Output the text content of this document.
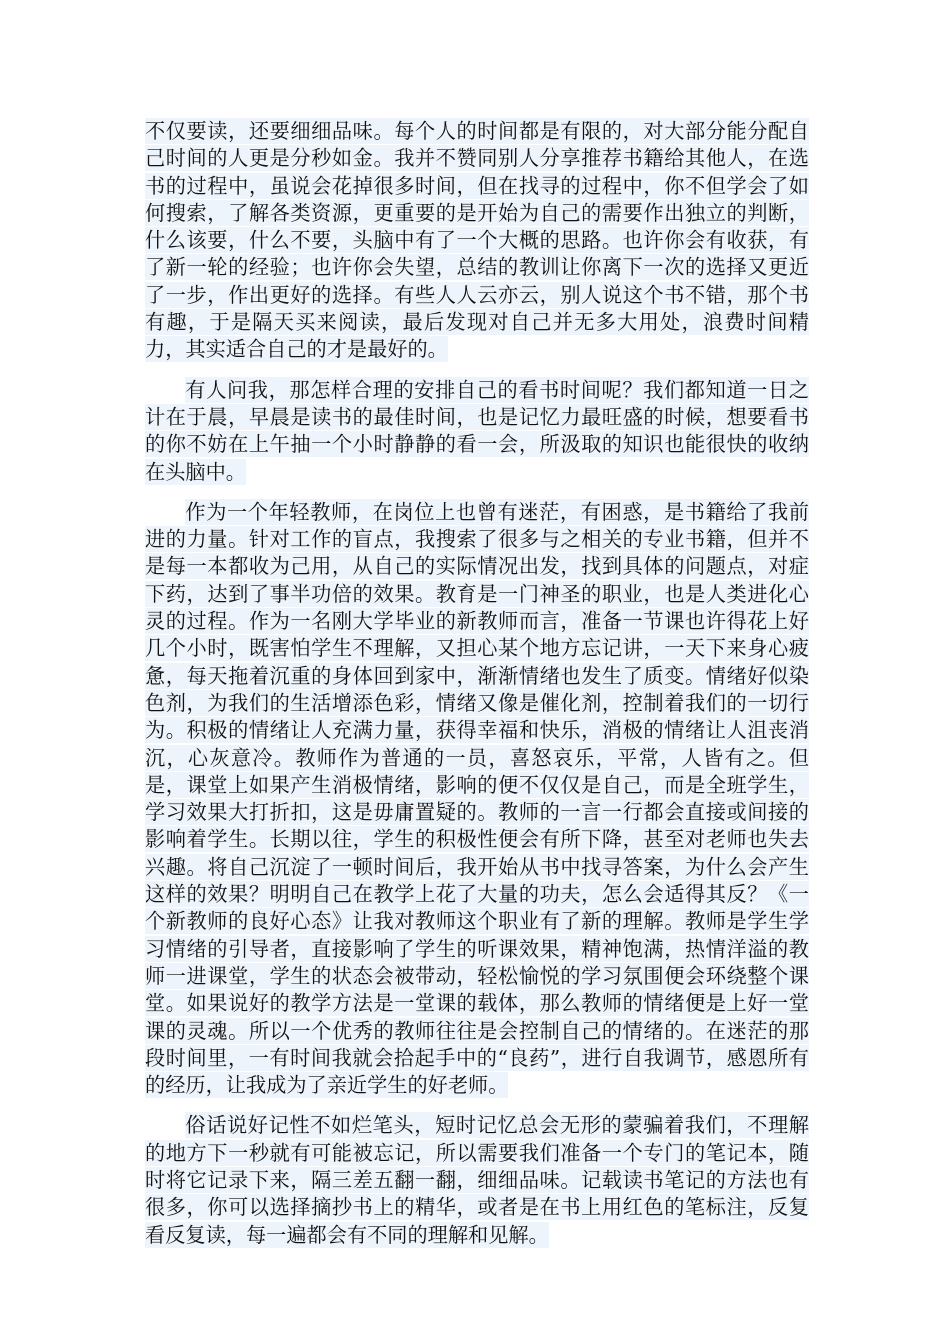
不仅要读，还要细细品味。每个人的时间都是有限的，对大部分能分配自己时间的人更是分秒如金。我并不赞同别人分享推荐书籍给其他人，在选书的过程中，虽说会花掉很多时间，但在找寻的过程中，你不但学会了如何搜索，了解各类资源，更重要的是开始为自己的需要作出独立的判断，什么该要，什么不要，头脑中有了一个大概的思路。也许你会有收获，有了新一轮的经验；也许你会失望，总结的教训让你离下一次的选择又更近了一步，作出更好的选择。有些人人云亦云，别人说这个书不错，那个书有趣，于是隔天买来阅读，最后发现对自己并无多大用处，浪费时间精力，其实适合自己的才是最好的。

有人问我，那怎样合理的安排自己的看书时间呢？我们都知道一日之计在于晨，早晨是读书的最佳时间，也是记忆力最旺盛的时候，想要看书的你不妨在上午抽一个小时静静的看一会，所汲取的知识也能很快的收纳在头脑中。

作为一个年轻教师，在岗位上也曾有迷茫，有困惑，是书籍给了我前进的力量。针对工作的盲点，我搜索了很多与之相关的专业书籍，但并不是每一本都收为己用，从自己的实际情况出发，找到具体的问题点，对症下药，达到了事半功倍的效果。教育是一门神圣的职业，也是人类进化心灵的过程。作为一名刚大学毕业的新教师而言，准备一节课也许得花上好几个小时，既害怕学生不理解，又担心某个地方忘记讲，一天下来身心疲惫，每天拖着沉重的身体回到家中，渐渐情绪也发生了质变。情绪好似染色剂，为我们的生活增添色彩，情绪又像是催化剂，控制着我们的一切行为。积极的情绪让人充满力量，获得幸福和快乐，消极的情绪让人沮丧消沉，心灰意冷。教师作为普通的一员，喜怒哀乐，平常，人皆有之。但是，课堂上如果产生消极情绪，影响的便不仅仅是自己，而是全班学生，学习效果大打折扣，这是毋庸置疑的。教师的一言一行都会直接或间接的影响着学生。长期以往，学生的积极性便会有所下降，甚至对老师也失去兴趣。将自己沉淀了一顿时间后，我开始从书中找寻答案，为什么会产生这样的效果？明明自己在教学上花了大量的功夫，怎么会适得其反？《一个新教师的良好心态》让我对教师这个职业有了新的理解。教师是学生学习情绪的引导者，直接影响了学生的听课效果，精神饱满，热情洋溢的教师一进课堂，学生的状态会被带动，轻松愉悦的学习氛围便会环绕整个课堂。如果说好的教学方法是一堂课的载体，那么教师的情绪便是上好一堂课的灵魂。所以一个优秀的教师往往是会控制自己的情绪的。在迷茫的那段时间里，一有时间我就会拾起手中的“良药”，进行自我调节，感恩所有的经历，让我成为了亲近学生的好老师。

俗话说好记性不如烂笔头，短时记忆总会无形的蒙骗着我们，不理解的地方下一秒就有可能被忘记，所以需要我们准备一个专门的笔记本，随时将它记录下来，隔三差五翻一翻，细细品味。记载读书笔记的方法也有很多，你可以选择摘抄书上的精华，或者是在书上用红色的笔标注，反复看反复读，每一遍都会有不同的理解和见解。
